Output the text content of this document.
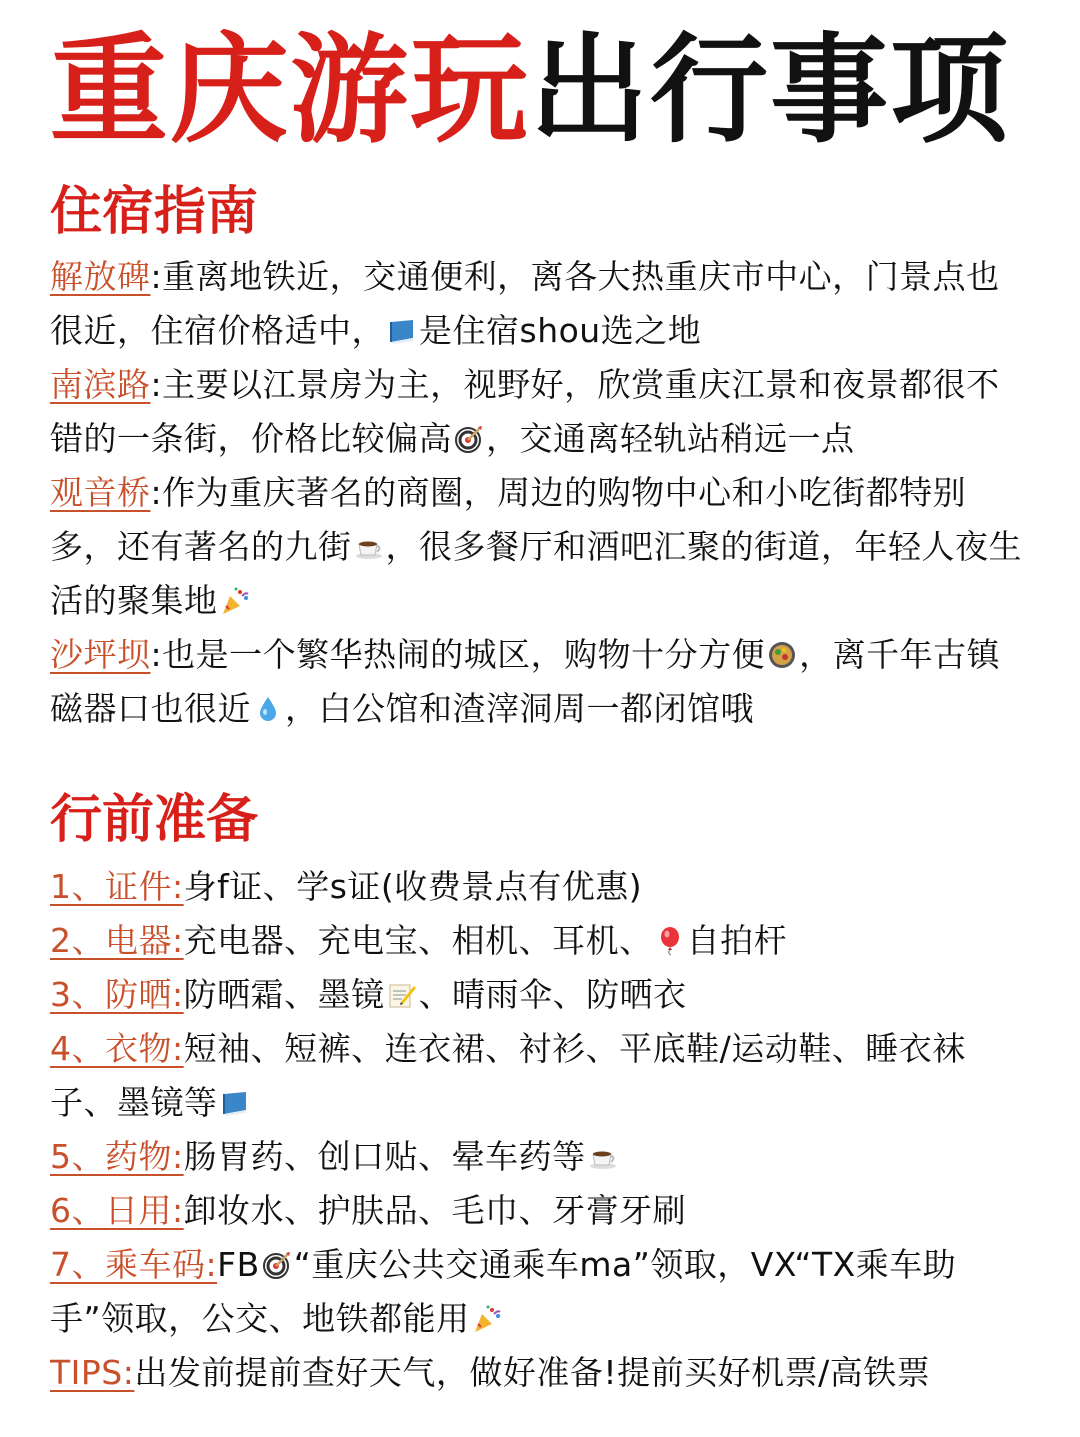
重庆游玩 出行事项
住宿指南

解放碑:重离地铁近，交通便利，离各大热重庆市中心，门景点也很近，住宿价格适中， 是住宿shou选之地

南滨路:主要以江景房为主，视野好，欣赏重庆江景和夜景都很不错的一条街，价格比较偏高 ，交通离轻轨站稍远一点

观音桥:作为重庆著名的商圈，周边的购物中心和小吃街都特别多，还有著名的九街 ，很多餐厅和酒吧汇聚的街道，年轻人夜生活的聚集地

沙坪坝:也是一个繁华热闹的城区，购物十分方便 ，离千年古镇磁器口也很近 ，白公馆和渣滓洞周一都闭馆哦

行前准备

1、证件:身f证、学s证(收费景点有优惠)

2、电器:充电器、充电宝、相机、耳机、 自拍杆

3、防晒:防晒霜、墨镜 、晴雨伞、防晒衣

4、衣物:短袖、短裤、连衣裙、衬衫、平底鞋/运动鞋、睡衣袜子、墨镜等

5、药物:肠胃药、创口贴、晕车药等

6、日用:卸妆水、护肤品、毛巾、牙膏牙刷

7、乘车码:FB “重庆公共交通乘车ma”领取，VX“TX乘车助手”领取，公交、地铁都能用

TIPS:出发前提前查好天气，做好准备!提前买好机票/高铁票
